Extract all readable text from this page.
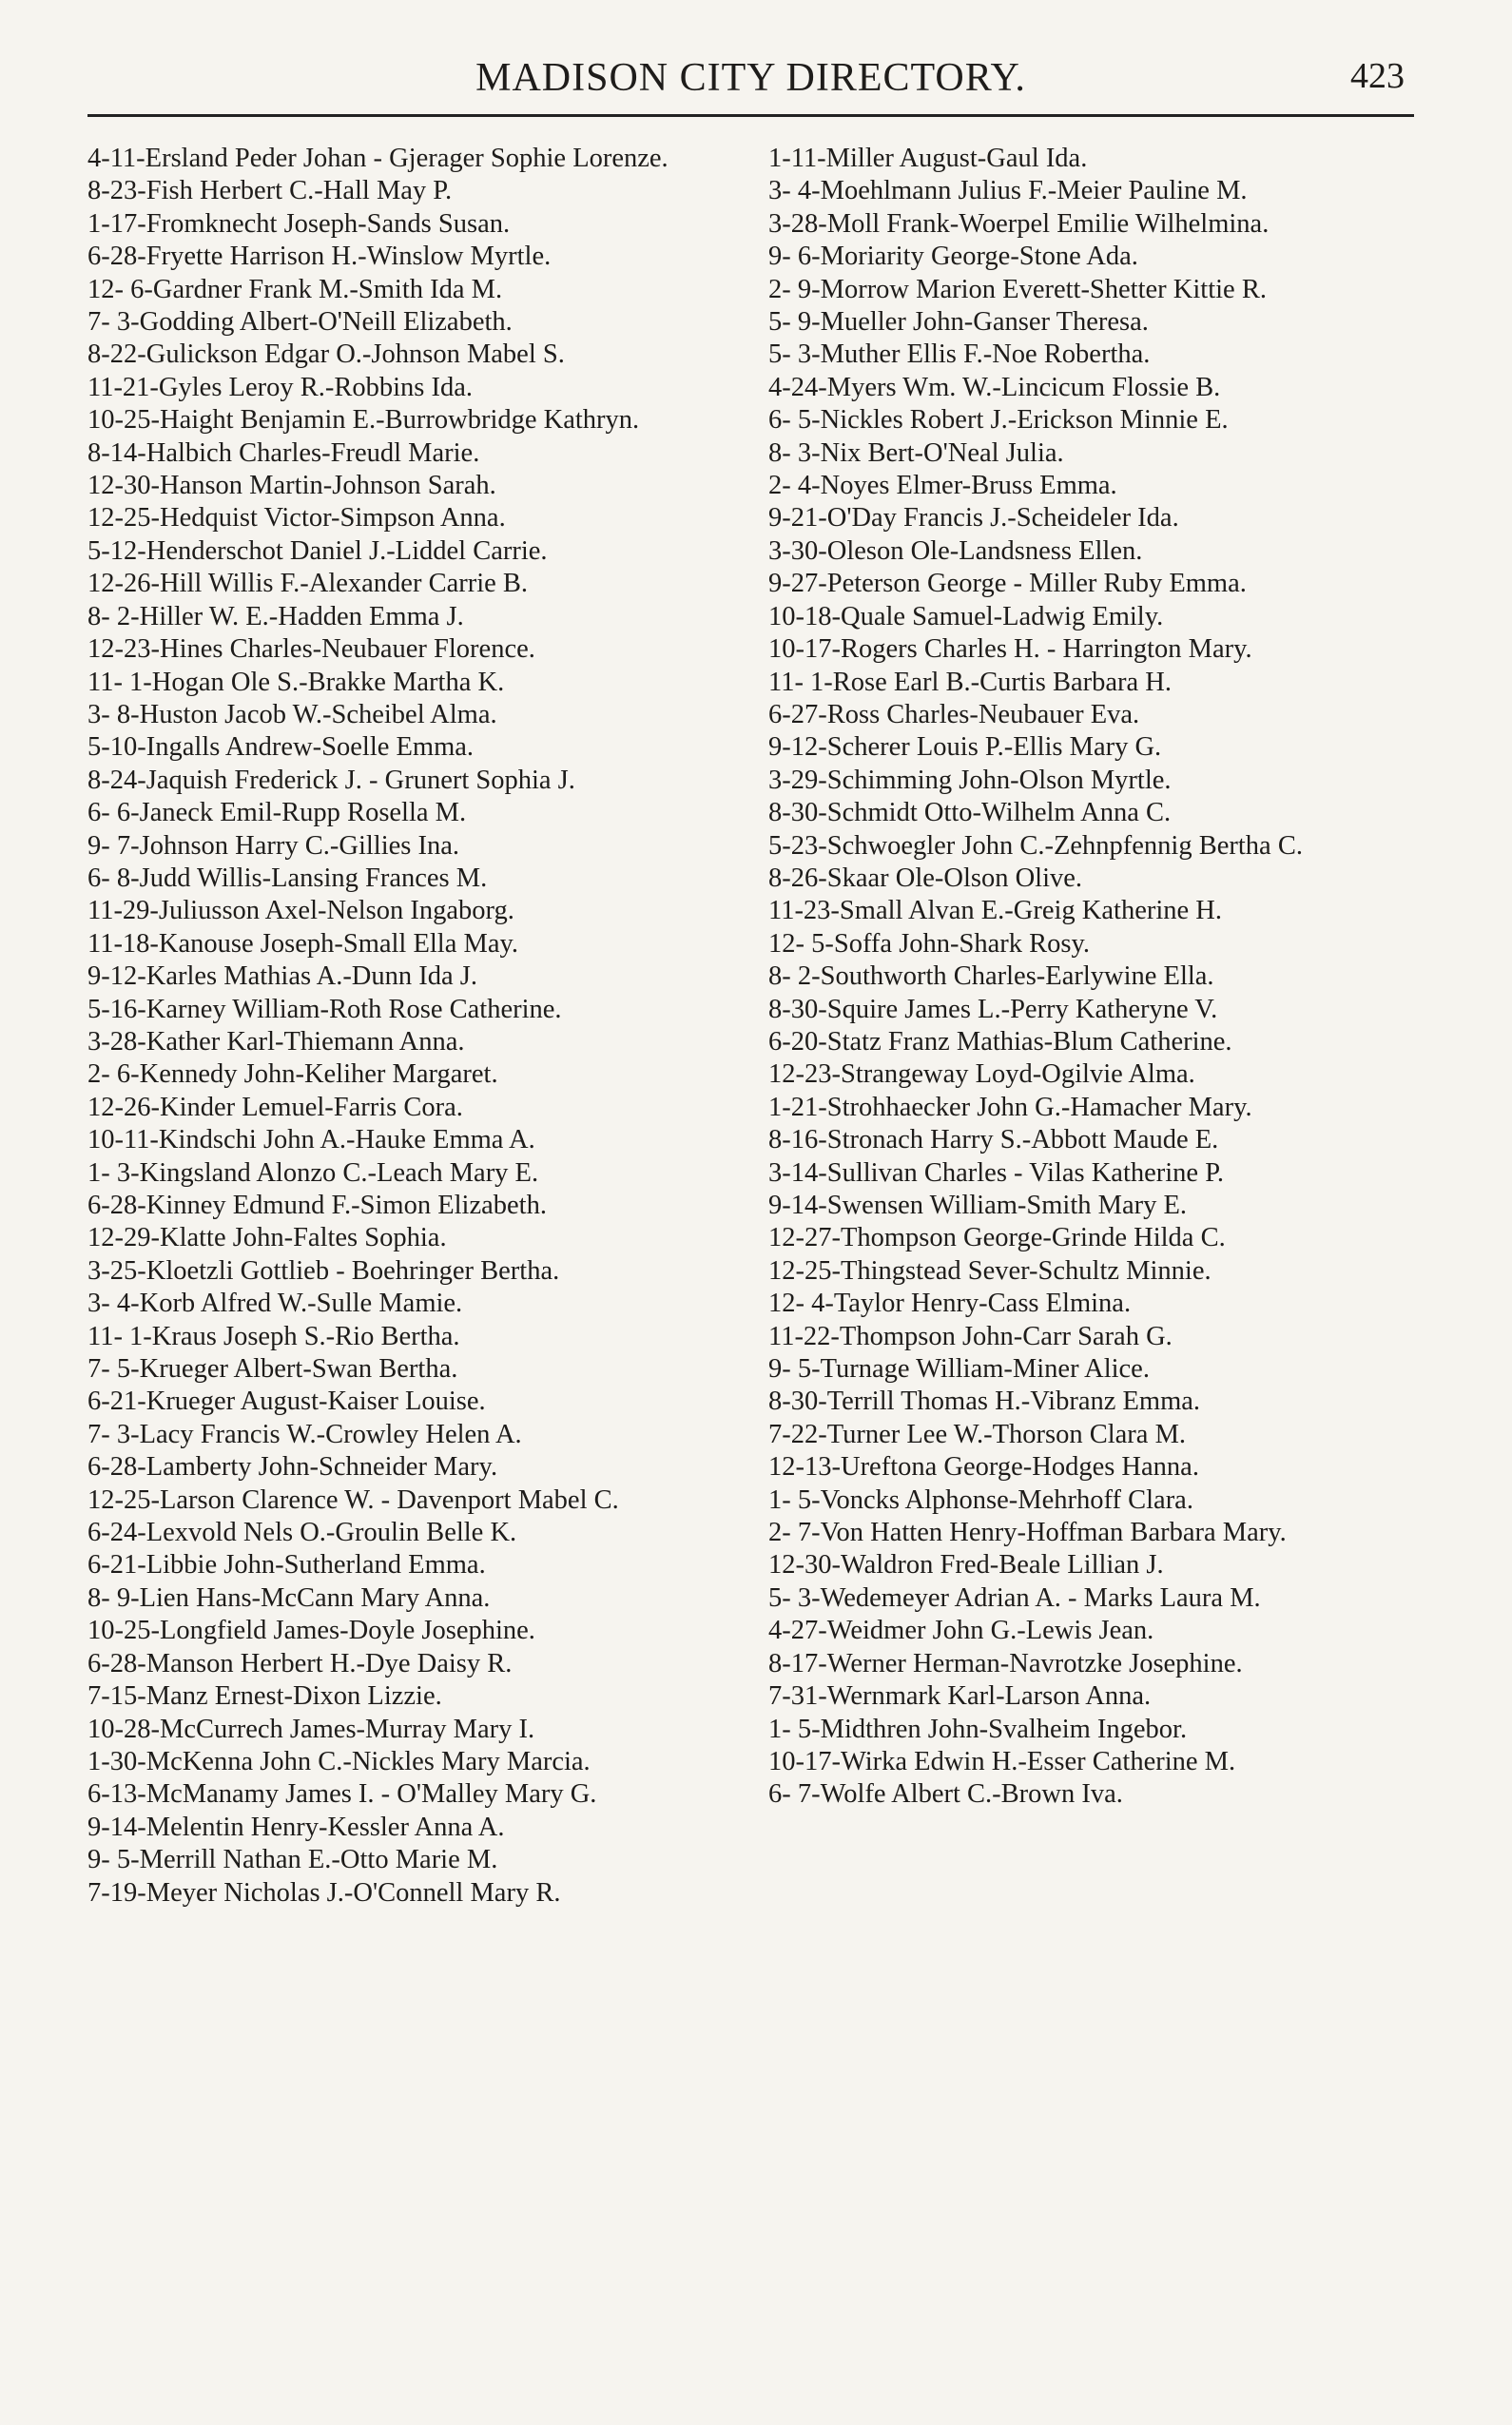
MADISON CITY DIRECTORY.	423
4-11-Ersland Peder Johan - Gjerager Sophie Lorenze.
8-23-Fish Herbert C.-Hall May P.
1-17-Fromknecht Joseph-Sands Susan.
6-28-Fryette Harrison H.-Winslow Myrtle.
12- 6-Gardner Frank M.-Smith Ida M.
7- 3-Godding Albert-O'Neill Elizabeth.
8-22-Gulickson Edgar O.-Johnson Mabel S.
11-21-Gyles Leroy R.-Robbins Ida.
10-25-Haight Benjamin E.-Burrowbridge Kathryn.
8-14-Halbich Charles-Freudl Marie.
12-30-Hanson Martin-Johnson Sarah.
12-25-Hedquist Victor-Simpson Anna.
5-12-Henderschot Daniel J.-Liddel Carrie.
12-26-Hill Willis F.-Alexander Carrie B.
8- 2-Hiller W. E.-Hadden Emma J.
12-23-Hines Charles-Neubauer Florence.
11- 1-Hogan Ole S.-Brakke Martha K.
3- 8-Huston Jacob W.-Scheibel Alma.
5-10-Ingalls Andrew-Soelle Emma.
8-24-Jaquish Frederick J. - Grunert Sophia J.
6- 6-Janeck Emil-Rupp Rosella M.
9- 7-Johnson Harry C.-Gillies Ina.
6- 8-Judd Willis-Lansing Frances M.
11-29-Juliusson Axel-Nelson Ingaborg.
11-18-Kanouse Joseph-Small Ella May.
9-12-Karles Mathias A.-Dunn Ida J.
5-16-Karney William-Roth Rose Catherine.
3-28-Kather Karl-Thiemann Anna.
2- 6-Kennedy John-Keliher Margaret.
12-26-Kinder Lemuel-Farris Cora.
10-11-Kindschi John A.-Hauke Emma A.
1- 3-Kingsland Alonzo C.-Leach Mary E.
6-28-Kinney Edmund F.-Simon Elizabeth.
12-29-Klatte John-Faltes Sophia.
3-25-Kloetzli Gottlieb - Boehringer Bertha.
3- 4-Korb Alfred W.-Sulle Mamie.
11- 1-Kraus Joseph S.-Rio Bertha.
7- 5-Krueger Albert-Swan Bertha.
6-21-Krueger August-Kaiser Louise.
7- 3-Lacy Francis W.-Crowley Helen A.
6-28-Lamberty John-Schneider Mary.
12-25-Larson Clarence W. - Davenport Mabel C.
6-24-Lexvold Nels O.-Groulin Belle K.
6-21-Libbie John-Sutherland Emma.
8- 9-Lien Hans-McCann Mary Anna.
10-25-Longfield James-Doyle Josephine.
6-28-Manson Herbert H.-Dye Daisy R.
7-15-Manz Ernest-Dixon Lizzie.
10-28-McCurrech James-Murray Mary I.
1-30-McKenna John C.-Nickles Mary Marcia.
6-13-McManamy James I. - O'Malley Mary G.
9-14-Melentin Henry-Kessler Anna A.
9- 5-Merrill Nathan E.-Otto Marie M.
7-19-Meyer Nicholas J.-O'Connell Mary R.
1-11-Miller August-Gaul Ida.
3- 4-Moehlmann Julius F.-Meier Pauline M.
3-28-Moll Frank-Woerpel Emilie Wilhelmina.
9- 6-Moriarity George-Stone Ada.
2- 9-Morrow Marion Everett-Shetter Kittie R.
5- 9-Mueller John-Ganser Theresa.
5- 3-Muther Ellis F.-Noe Robertha.
4-24-Myers Wm. W.-Lincicum Flossie B.
6- 5-Nickles Robert J.-Erickson Minnie E.
8- 3-Nix Bert-O'Neal Julia.
2- 4-Noyes Elmer-Bruss Emma.
9-21-O'Day Francis J.-Scheideler Ida.
3-30-Oleson Ole-Landsness Ellen.
9-27-Peterson George - Miller Ruby Emma.
10-18-Quale Samuel-Ladwig Emily.
10-17-Rogers Charles H. - Harrington Mary.
11- 1-Rose Earl B.-Curtis Barbara H.
6-27-Ross Charles-Neubauer Eva.
9-12-Scherer Louis P.-Ellis Mary G.
3-29-Schimming John-Olson Myrtle.
8-30-Schmidt Otto-Wilhelm Anna C.
5-23-Schwoegler John C.-Zehnpfennig Bertha C.
8-26-Skaar Ole-Olson Olive.
11-23-Small Alvan E.-Greig Katherine H.
12- 5-Soffa John-Shark Rosy.
8- 2-Southworth Charles-Earlywine Ella.
8-30-Squire James L.-Perry Katheryne V.
6-20-Statz Franz Mathias-Blum Catherine.
12-23-Strangeway Loyd-Ogilvie Alma.
1-21-Strohhaecker John G.-Hamacher Mary.
8-16-Stronach Harry S.-Abbott Maude E.
3-14-Sullivan Charles - Vilas Katherine P.
9-14-Swensen William-Smith Mary E.
12-27-Thompson George-Grinde Hilda C.
12-25-Thingstead Sever-Schultz Minnie.
12- 4-Taylor Henry-Cass Elmina.
11-22-Thompson John-Carr Sarah G.
9- 5-Turnage William-Miner Alice.
8-30-Terrill Thomas H.-Vibranz Emma.
7-22-Turner Lee W.-Thorson Clara M.
12-13-Ureftona George-Hodges Hanna.
1- 5-Voncks Alphonse-Mehrhoff Clara.
2- 7-Von Hatten Henry-Hoffman Barbara Mary.
12-30-Waldron Fred-Beale Lillian J.
5- 3-Wedemeyer Adrian A. - Marks Laura M.
4-27-Weidmer John G.-Lewis Jean.
8-17-Werner Herman-Navrotzke Josephine.
7-31-Wernmark Karl-Larson Anna.
1- 5-Midthren John-Svalheim Ingebor.
10-17-Wirka Edwin H.-Esser Catherine M.
6- 7-Wolfe Albert C.-Brown Iva.
